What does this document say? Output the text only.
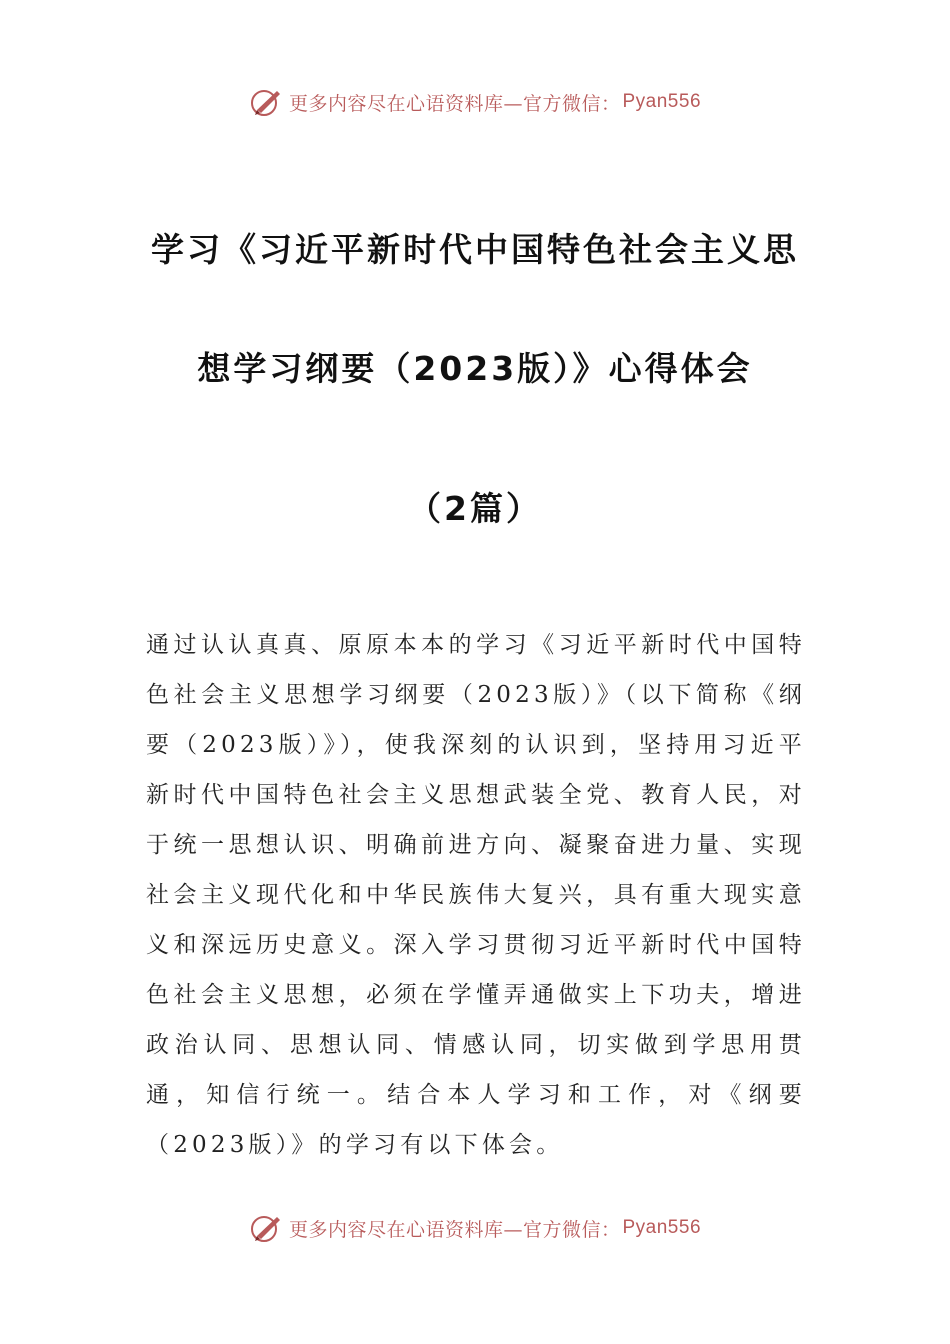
更多内容尽在心语资料库—官方微信： Pyan556
学习《习近平新时代中国特色社会主义思
想学习纲要（2023版）》心得体会
（2篇）
通过认认真真、原原本本的学习《习近平新时代中国特色社会主义思想学习纲要（2023版）》（以下简称《纲要（2023版）》），使我深刻的认识到，坚持用习近平新时代中国特色社会主义思想武装全党、教育人民，对于统一思想认识、明确前进方向、凝聚奋进力量、实现社会主义现代化和中华民族伟大复兴，具有重大现实意义和深远历史意义。深入学习贯彻习近平新时代中国特色社会主义思想，必须在学懂弄通做实上下功夫，增进政治认同、思想认同、情感认同，切实做到学思用贯通，知信行统一。结合本人学习和工作，对《纲要（2023版）》的学习有以下体会。
更多内容尽在心语资料库—官方微信： Pyan556
